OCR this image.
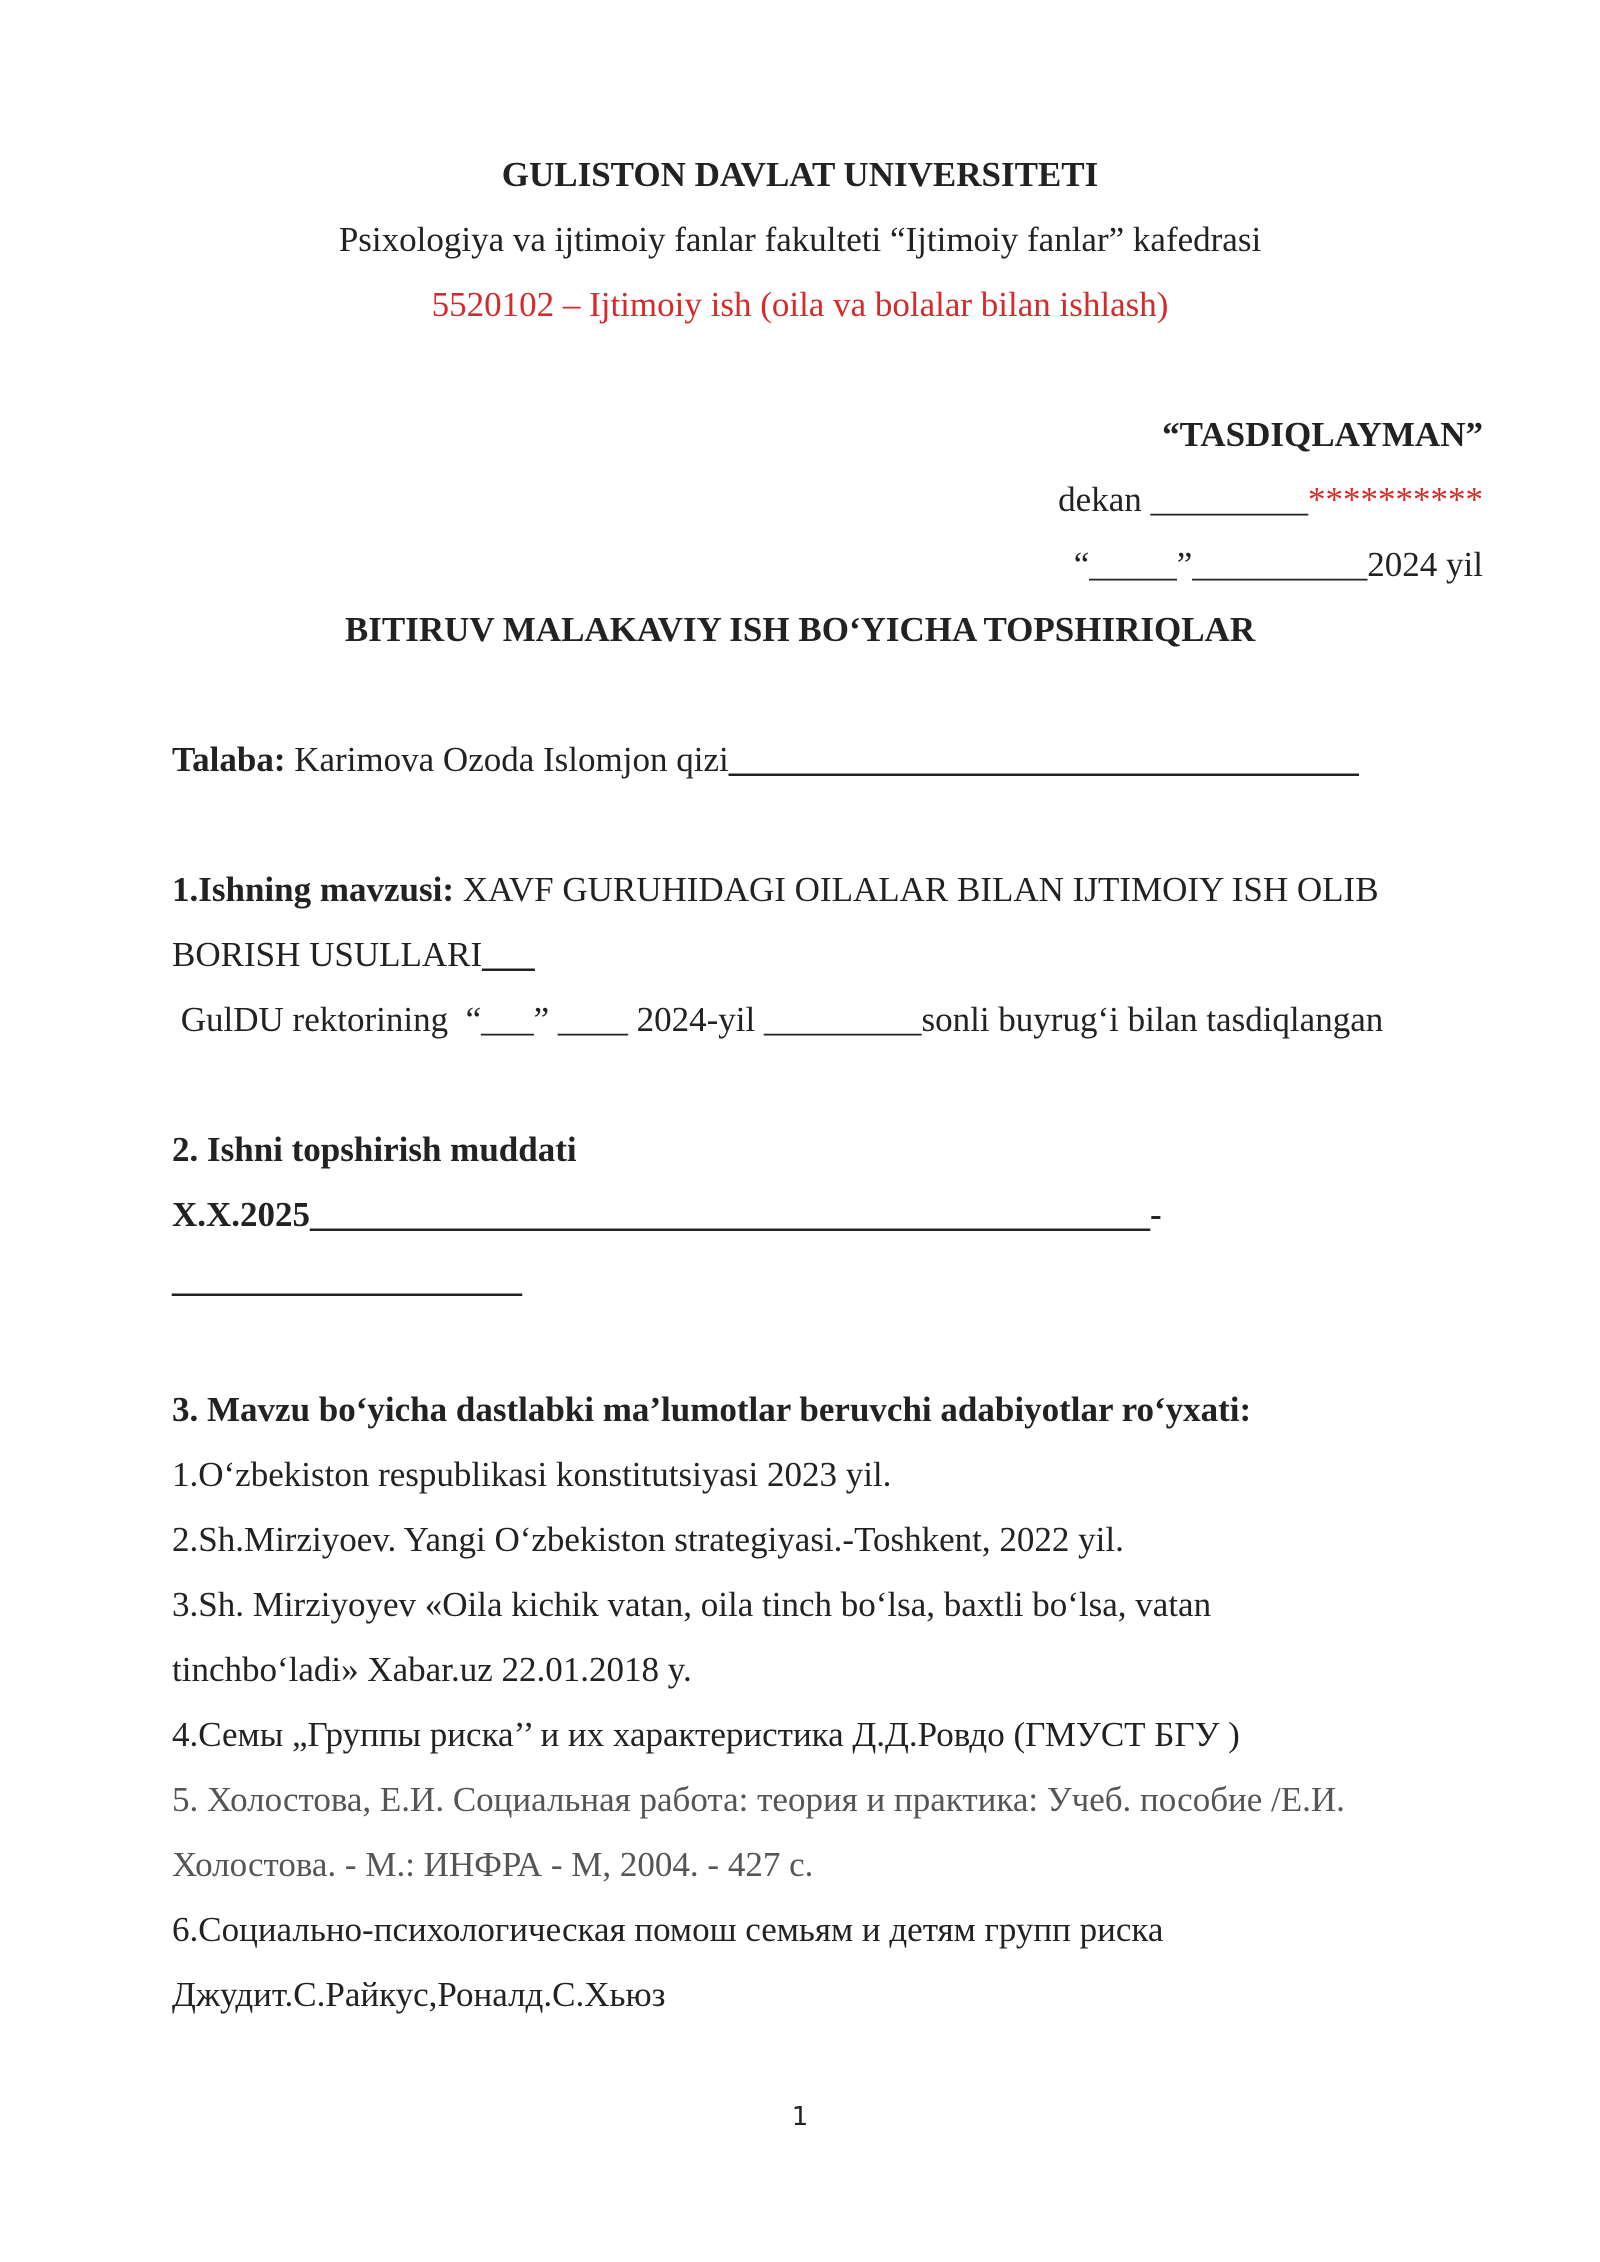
GULISTON DAVLAT UNIVERSITETI
Psixologiya va ijtimoiy fanlar fakulteti “Ijtimoiy fanlar” kafedrasi
5520102 – Ijtimoiy ish (oila va bolalar bilan ishlash)
“TASDIQLAYMAN”
dekan _________**********
“_____”__________2024 yil
BITIRUV MALAKAVIY ISH BO‘YICHA TOPSHIRIQLAR
Talaba: Karimova Ozoda Islomjon qizi____________________________________
1.Ishning mavzusi: XAVF GURUHIDAGI OILALAR BILAN IJTIMOIY ISH OLIB
BORISH USULLARI___
GulDU rektorining  “___” ____ 2024-yil _________sonli buyrug‘i bilan tasdiqlangan
2. Ishni topshirish muddati
X.X.2025________________________________________________-
____________________
3. Mavzu bo‘yicha dastlabki ma’lumotlar beruvchi adabiyotlar ro‘yxati:
1.O‘zbekiston respublikasi konstitutsiyasi 2023 yil.
2.Sh.Mirziyoev. Yangi O‘zbekiston strategiyasi.-Toshkent, 2022 yil.
3.Sh. Mirziyoyev «Oila kichik vatan, oila tinch bo‘lsa, baxtli bo‘lsa, vatan
tinchbo‘ladi» Xabar.uz 22.01.2018 y.
4.Семы „Группы риска’’ и их характеристика Д.Д.Ровдо (ГМУСТ БГУ )
5. Холостова, Е.И. Социальная работа: теория и практика: Учеб. пособие /Е.И.
Холостова. - М.: ИНФРА - М, 2004. - 427 с.
6.Социально-психологическая помош семьям и детям групп риска
Джудит.С.Райкус,Роналд.С.Хьюз
1
